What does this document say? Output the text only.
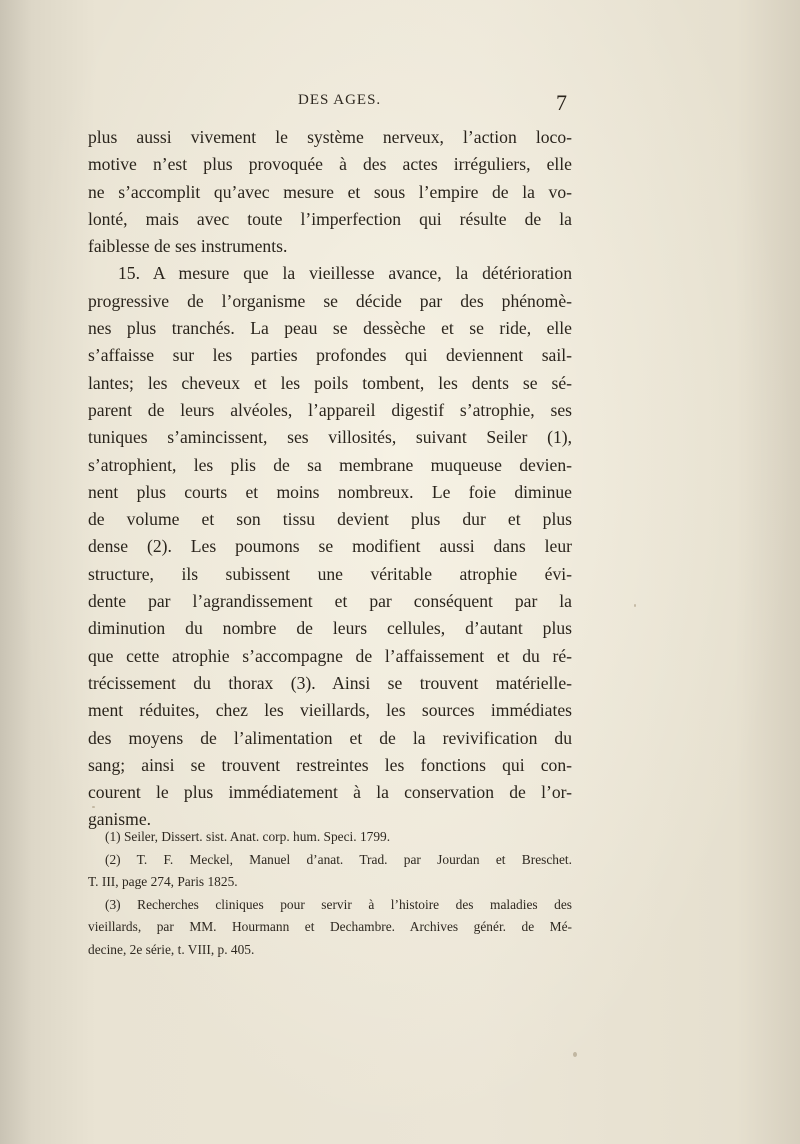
DES AGES.	7
plus aussi vivement le système nerveux, l’action loco-
motive n’est plus provoquée à des actes irréguliers, elle
ne s’accomplit qu’avec mesure et sous l’empire de la vo-
lonté, mais avec toute l’imperfection qui résulte de la
faiblesse de ses instruments.
15. A mesure que la vieillesse avance, la détérioration
progressive de l’organisme se décide par des phénomè-
nes plus tranchés. La peau se dessèche et se ride, elle
s’affaisse sur les parties profondes qui deviennent sail-
lantes; les cheveux et les poils tombent, les dents se sé-
parent de leurs alvéoles, l’appareil digestif s’atrophie, ses
tuniques s’amincissent, ses villosités, suivant Seiler (1),
s’atrophient, les plis de sa membrane muqueuse devien-
nent plus courts et moins nombreux. Le foie diminue
de volume et son tissu devient plus dur et plus
dense (2). Les poumons se modifient aussi dans leur
structure, ils subissent une véritable atrophie évi-
dente par l’agrandissement et par conséquent par la
diminution du nombre de leurs cellules, d’autant plus
que cette atrophie s’accompagne de l’affaissement et du ré-
trécissement du thorax (3). Ainsi se trouvent matérielle-
ment réduites, chez les vieillards, les sources immédiates
des moyens de l’alimentation et de la revivification du
sang; ainsi se trouvent restreintes les fonctions qui con-
courent le plus immédiatement à la conservation de l’or-
ganisme.
(1) Seiler, Dissert. sist. Anat. corp. hum. Speci. 1799.
(2) T. F. Meckel, Manuel d’anat. Trad. par Jourdan et Breschet.
T. III, page 274, Paris 1825.
(3) Recherches cliniques pour servir à l’histoire des maladies des
vieillards, par MM. Hourmann et Dechambre. Archives génér. de Mé-
decine, 2e série, t. VIII, p. 405.
